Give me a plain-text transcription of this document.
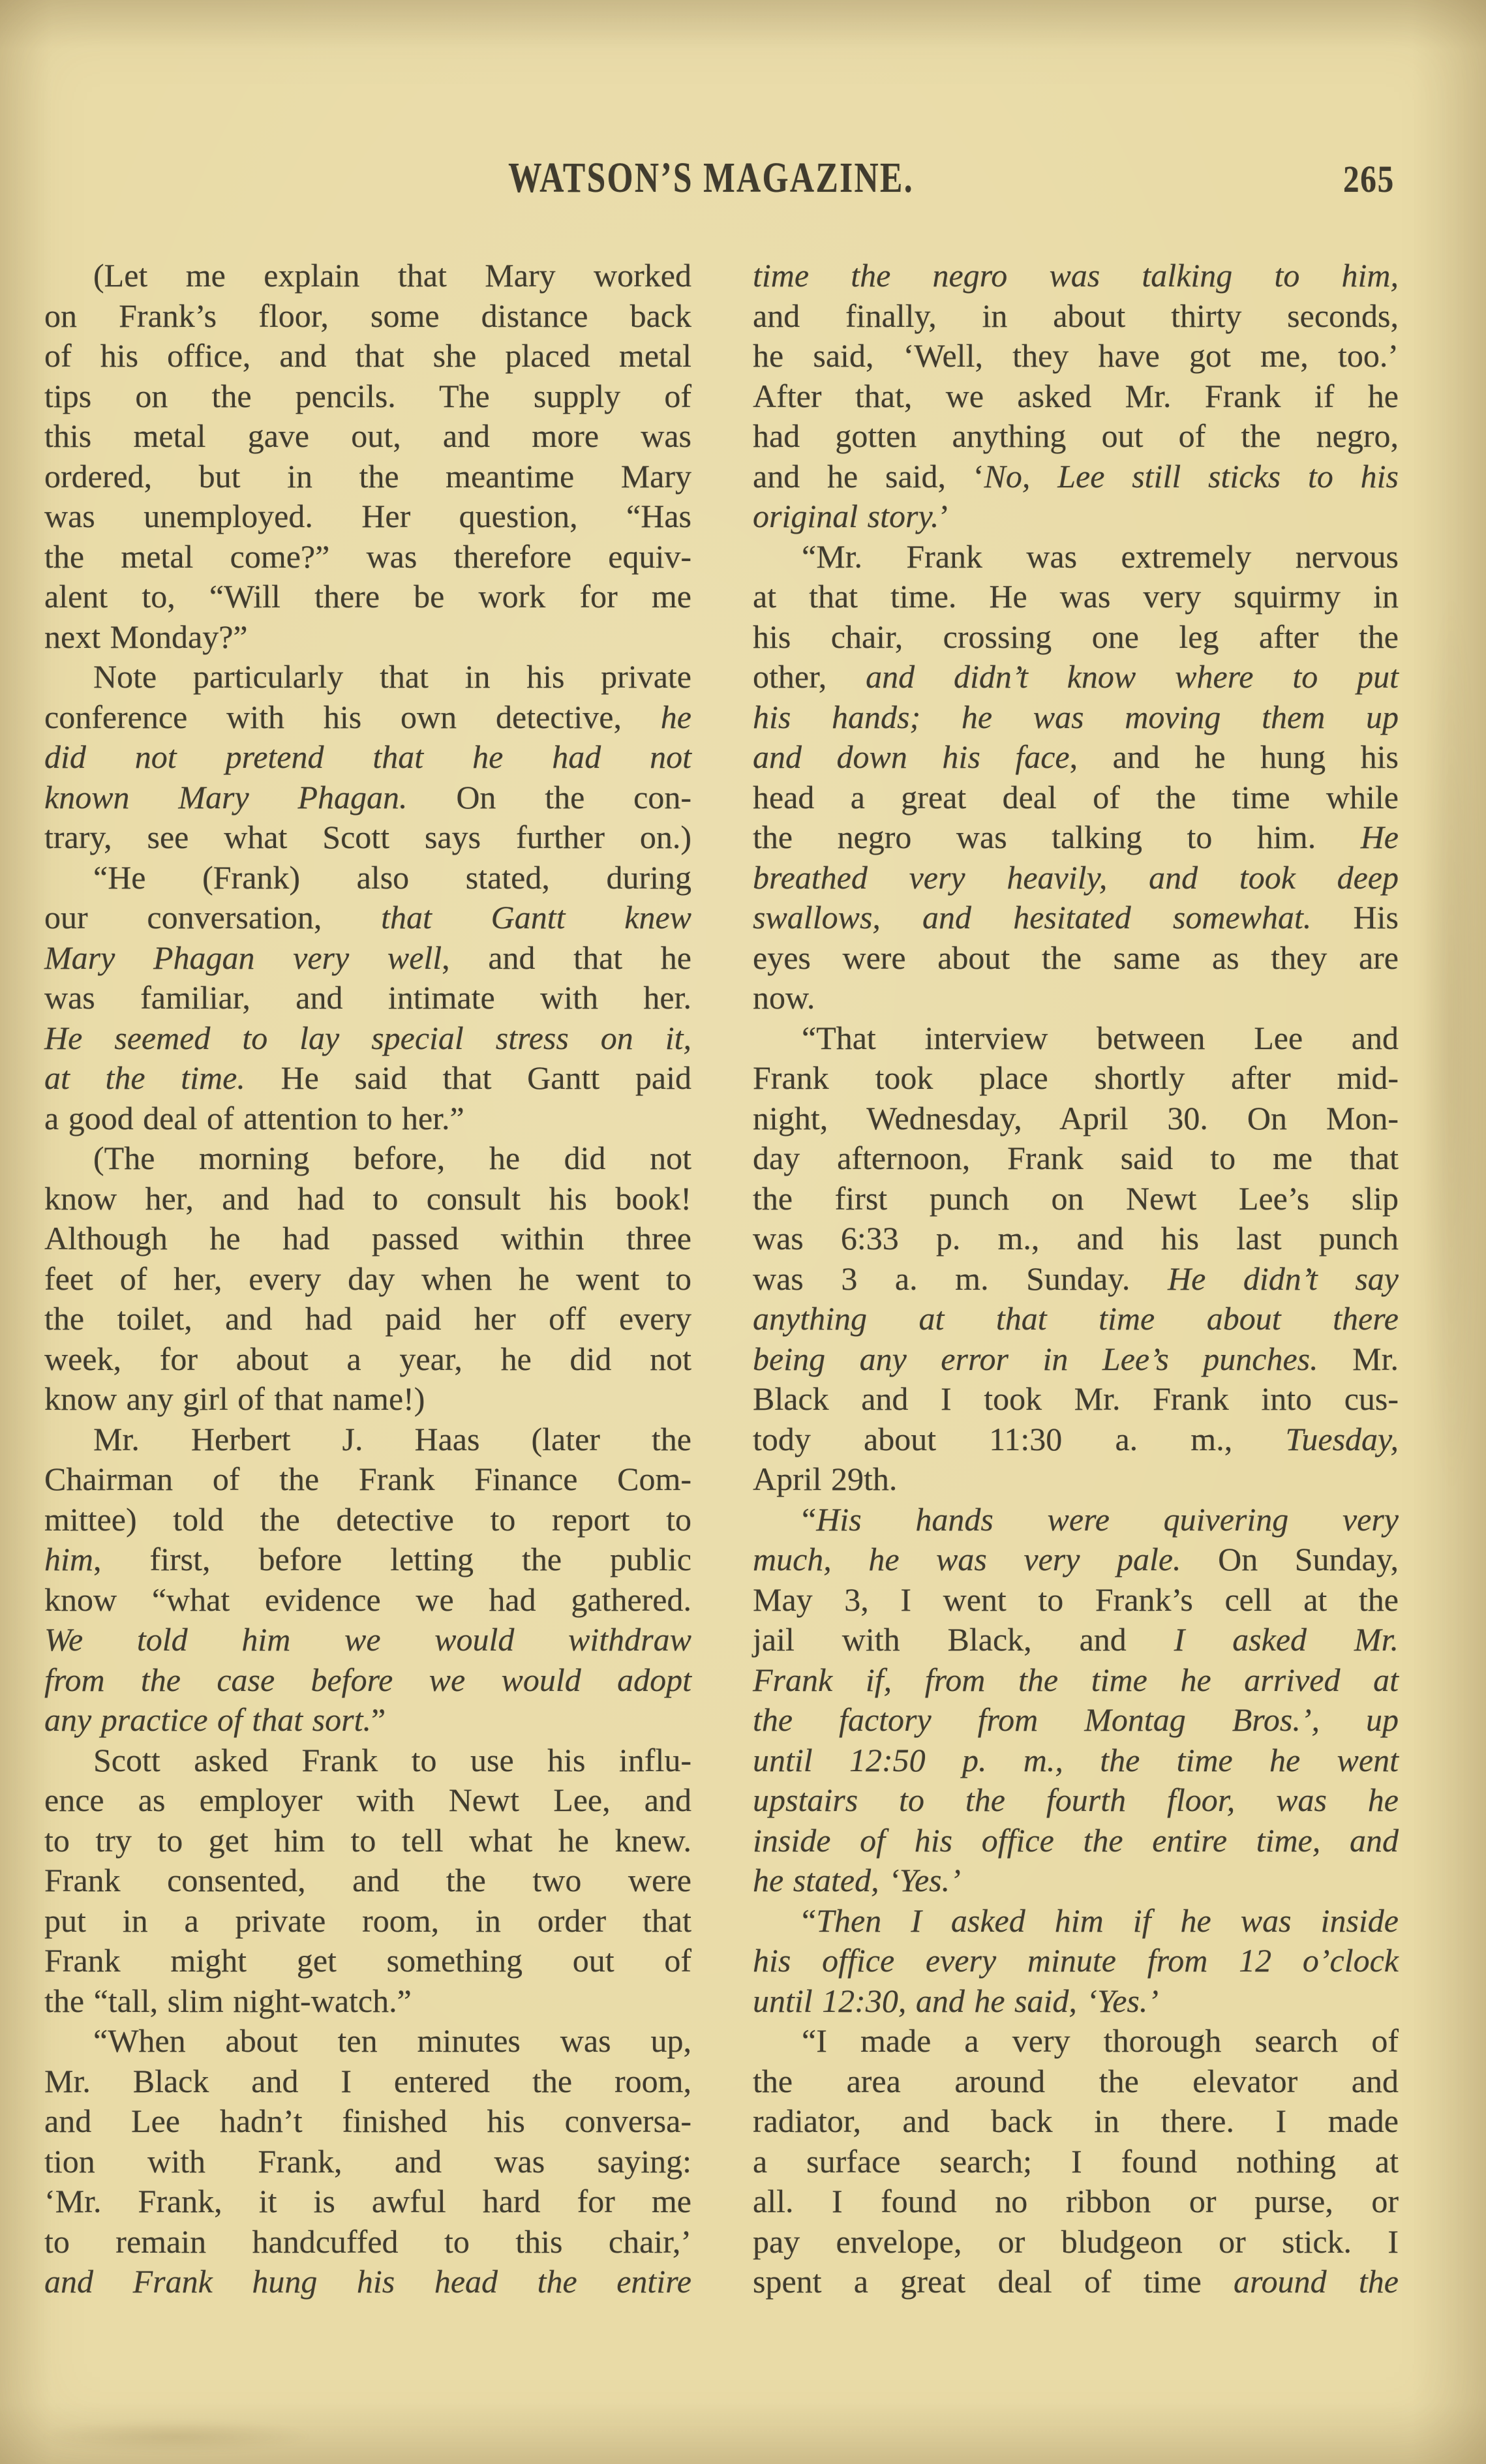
WATSON’S MAGAZINE.	265
(Let me explain that Mary worked
on Frank’s floor, some distance back
of his office, and that she placed metal
tips on the pencils. The supply of
this metal gave out, and more was
ordered, but in the meantime Mary
was unemployed. Her question, “Has
the metal come?” was therefore equiv-
alent to, “Will there be work for me
next Monday?”
Note particularly that in his private
conference with his own detective, he
did not pretend that he had not
known Mary Phagan. On the con-
trary, see what Scott says further on.)
“He (Frank) also stated, during
our conversation, that Gantt knew
Mary Phagan very well, and that he
was familiar, and intimate with her.
He seemed to lay special stress on it,
at the time. He said that Gantt paid
a good deal of attention to her.”
(The morning before, he did not
know her, and had to consult his book!
Although he had passed within three
feet of her, every day when he went to
the toilet, and had paid her off every
week, for about a year, he did not
know any girl of that name!)
Mr. Herbert J. Haas (later the
Chairman of the Frank Finance Com-
mittee) told the detective to report to
him, first, before letting the public
know “what evidence we had gathered.
We told him we would withdraw
from the case before we would adopt
any practice of that sort.”
Scott asked Frank to use his influ-
ence as employer with Newt Lee, and
to try to get him to tell what he knew.
Frank consented, and the two were
put in a private room, in order that
Frank might get something out of
the “tall, slim night-watch.”
“When about ten minutes was up,
Mr. Black and I entered the room,
and Lee hadn’t finished his conversa-
tion with Frank, and was saying:
‘Mr. Frank, it is awful hard for me
to remain handcuffed to this chair,’
and Frank hung his head the entire
time the negro was talking to him,
and finally, in about thirty seconds,
he said, ‘Well, they have got me, too.’
After that, we asked Mr. Frank if he
had gotten anything out of the negro,
and he said, ‘No, Lee still sticks to his
original story.’
“Mr. Frank was extremely nervous
at that time. He was very squirmy in
his chair, crossing one leg after the
other, and didn’t know where to put
his hands; he was moving them up
and down his face, and he hung his
head a great deal of the time while
the negro was talking to him. He
breathed very heavily, and took deep
swallows, and hesitated somewhat. His
eyes were about the same as they are
now.
“That interview between Lee and
Frank took place shortly after mid-
night, Wednesday, April 30. On Mon-
day afternoon, Frank said to me that
the first punch on Newt Lee’s slip
was 6:33 p. m., and his last punch
was 3 a. m. Sunday. He didn’t say
anything at that time about there
being any error in Lee’s punches. Mr.
Black and I took Mr. Frank into cus-
tody about 11:30 a. m., Tuesday,
April 29th.
“His hands were quivering very
much, he was very pale. On Sunday,
May 3, I went to Frank’s cell at the
jail with Black, and I asked Mr.
Frank if, from the time he arrived at
the factory from Montag Bros.’, up
until 12:50 p. m., the time he went
upstairs to the fourth floor, was he
inside of his office the entire time, and
he stated, ‘Yes.’
“Then I asked him if he was inside
his office every minute from 12 o’clock
until 12:30, and he said, ‘Yes.’
“I made a very thorough search of
the area around the elevator and
radiator, and back in there. I made
a surface search; I found nothing at
all. I found no ribbon or purse, or
pay envelope, or bludgeon or stick. I
spent a great deal of time around the
